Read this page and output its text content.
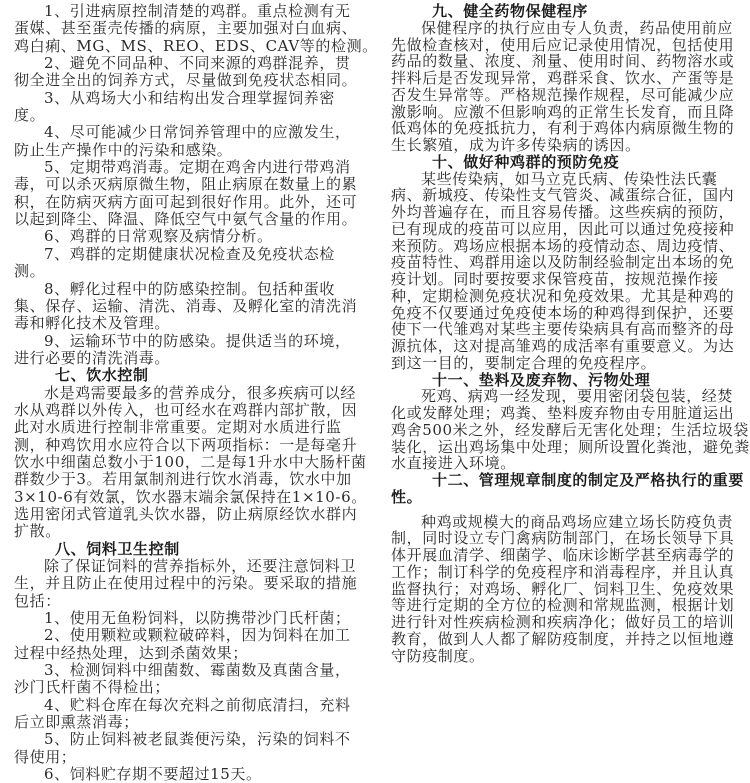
1、引进病原控制清楚的鸡群。重点检测有无
蛋媒、甚至蛋壳传播的病原，主要加强对白血病、
鸡白痢、MG、MS、REO、EDS、CAV等的检测。
2、避免不同品种、不同来源的鸡群混养，贯
彻全进全出的饲养方式，尽量做到免疫状态相同。
3、从鸡场大小和结构出发合理掌握饲养密
度。
4、尽可能减少日常饲养管理中的应激发生，
防止生产操作中的污染和感染。
5、定期带鸡消毒。定期在鸡舍内进行带鸡消
毒，可以杀灭病原微生物，阻止病原在数量上的累
积，在防病灭病方面可起到很好作用。此外，还可
以起到降尘、降温、降低空气中氨气含量的作用。
6、鸡群的日常观察及病情分析。
7、鸡群的定期健康状况检查及免疫状态检
测。
8、孵化过程中的防感染控制。包括种蛋收
集、保存、运输、清洗、消毒、及孵化室的清洗消
毒和孵化技术及管理。
9、运输环节中的防感染。提供适当的环境，
进行必要的清洗消毒。
七、饮水控制
水是鸡需要最多的营养成分，很多疾病可以经
水从鸡群以外传入，也可经水在鸡群内部扩散，因
此对水质进行控制非常重要。定期对水质进行监
测，种鸡饮用水应符合以下两项指标：一是每毫升
饮水中细菌总数小于100，二是每1升水中大肠杆菌
群数少于3。若用氯制剂进行饮水消毒，饮水中加
3×10-6有效氯，饮水器末端余氯保持在1×10-6。
选用密闭式管道乳头饮水器，防止病原经饮水群内
扩散。
八、饲料卫生控制
除了保证饲料的营养指标外，还要注意饲料卫
生，并且防止在使用过程中的污染。要采取的措施
包括：
1、使用无鱼粉饲料，以防携带沙门氏杆菌；
2、使用颗粒或颗粒破碎料，因为饲料在加工
过程中经热处理，达到杀菌效果；
3、检测饲料中细菌数、霉菌数及真菌含量，
沙门氏杆菌不得检出；
4、贮料仓库在每次充料之前彻底清扫，充料
后立即熏蒸消毒；
5、防止饲料被老鼠粪便污染，污染的饲料不
得使用；
6、饲料贮存期不要超过15天。
九、健全药物保健程序
保健程序的执行应由专人负责，药品使用前应
先做检查核对，使用后应记录使用情况，包括使用
药品的数量、浓度、剂量、使用时间、药物溶水或
拌料后是否发现异常，鸡群采食、饮水、产蛋等是
否发生异常等。严格规范操作规程，尽可能减少应
激影响。应激不但影响鸡的正常生长发育，而且降
低鸡体的免疫抵抗力，有利于鸡体内病原微生物的
生长繁殖，成为许多传染病的诱因。
十、做好种鸡群的预防免疫
某些传染病，如马立克氏病、传染性法氏囊
病、新城疫、传染性支气管炎、减蛋综合征，国内
外均普遍存在，而且容易传播。这些疾病的预防，
已有现成的疫苗可以应用，因此可以通过免疫接种
来预防。鸡场应根据本场的疫情动态、周边疫情、
疫苗特性、鸡群用途以及防制经验制定出本场的免
疫计划。同时要按要求保管疫苗，按规范操作接
种，定期检测免疫状况和免疫效果。尤其是种鸡的
免疫不仅要通过免疫使本场的种鸡得到保护，还要
使下一代雏鸡对某些主要传染病具有高而整齐的母
源抗体，这对提高雏鸡的成活率有重要意义。为达
到这一目的，要制定合理的免疫程序。
十一、垫料及废弃物、污物处理
死鸡、病鸡一经发现，要用密闭袋包装，经焚
化或发酵处理；鸡粪、垫料废弃物由专用脏道运出
鸡舍500米之外，经发酵后无害化处理；生活垃圾袋
装化，运出鸡场集中处理；厕所设置化粪池，避免粪
水直接进入环境。
十二、管理规章制度的制定及严格执行的重要
性。
种鸡或规模大的商品鸡场应建立场长防疫负责
制，同时设立专门禽病防制部门，在场长领导下具
体开展血清学、细菌学、临床诊断学甚至病毒学的
工作；制订科学的免疫程序和消毒程序，并且认真
监督执行；对鸡场、孵化厂、饲料卫生、免疫效果
等进行定期的全方位的检测和常规监测，根据计划
进行针对性疾病检测和疾病净化；做好员工的培训
教育，做到人人都了解防疫制度，并持之以恒地遵
守防疫制度。
